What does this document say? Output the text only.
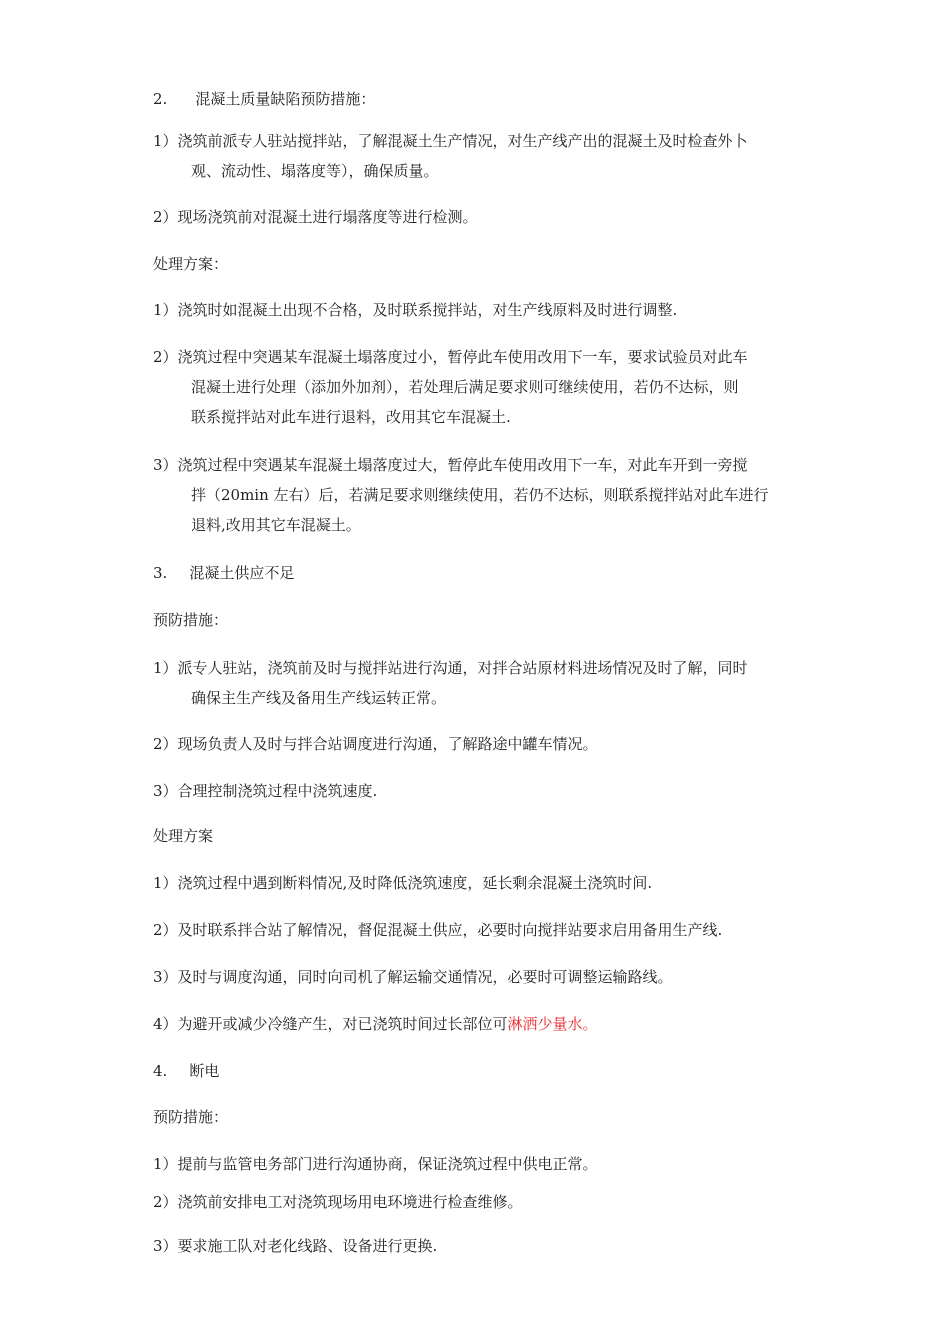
2. 混凝土质量缺陷预防措施：
1）浇筑前派专人驻站搅拌站，了解混凝土生产情况，对生产线产出的混凝土及时检查外卜
观、流动性、塌落度等），确保质量。
2）现场浇筑前对混凝土进行塌落度等进行检测。
处理方案：
1）浇筑时如混凝土出现不合格，及时联系搅拌站，对生产线原料及时进行调整.
2）浇筑过程中突遇某车混凝土塌落度过小，暂停此车使用改用下一车，要求试验员对此车
混凝土进行处理（添加外加剂），若处理后满足要求则可继续使用，若仍不达标，则
联系搅拌站对此车进行退料，改用其它车混凝土.
3）浇筑过程中突遇某车混凝土塌落度过大，暂停此车使用改用下一车，对此车开到一旁搅
拌（20min 左右）后，若满足要求则继续使用，若仍不达标，则联系搅拌站对此车进行
退料,改用其它车混凝土。
3. 混凝土供应不足
预防措施：
1）派专人驻站，浇筑前及时与搅拌站进行沟通，对拌合站原材料进场情况及时了解，同时
确保主生产线及备用生产线运转正常。
2）现场负责人及时与拌合站调度进行沟通，了解路途中罐车情况。
3）合理控制浇筑过程中浇筑速度.
处理方案
1）浇筑过程中遇到断料情况,及时降低浇筑速度，延长剩余混凝土浇筑时间.
2）及时联系拌合站了解情况，督促混凝土供应，必要时向搅拌站要求启用备用生产线.
3）及时与调度沟通，同时向司机了解运输交通情况，必要时可调整运输路线。
4）为避开或减少冷缝产生，对已浇筑时间过长部位可淋洒少量水。
4. 断电
预防措施：
1）提前与监管电务部门进行沟通协商，保证浇筑过程中供电正常。
2）浇筑前安排电工对浇筑现场用电环境进行检查维修。
3）要求施工队对老化线路、设备进行更换.
